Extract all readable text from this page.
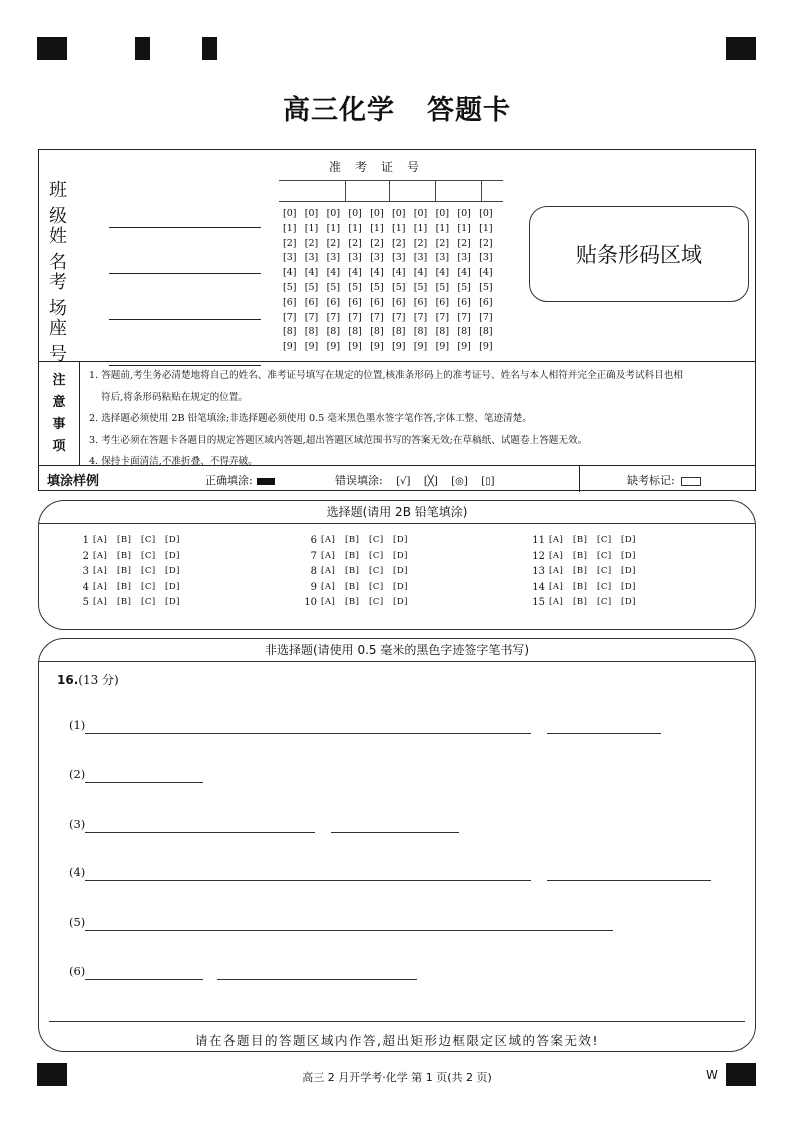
高三化学 答题卡
班级
姓名
考场
座号
准考证号
[0] [0] [0] [0] [0] [0] [0] [0] [0] [0]
[1] [1] [1] [1] [1] [1] [1] [1] [1] [1]
[2] [2] [2] [2] [2] [2] [2] [2] [2] [2]
[3] [3] [3] [3] [3] [3] [3] [3] [3] [3]
[4] [4] [4] [4] [4] [4] [4] [4] [4] [4]
[5] [5] [5] [5] [5] [5] [5] [5] [5] [5]
[6] [6] [6] [6] [6] [6] [6] [6] [6] [6]
[7] [7] [7] [7] [7] [7] [7] [7] [7] [7]
[8] [8] [8] [8] [8] [8] [8] [8] [8] [8]
[9] [9] [9] [9] [9] [9] [9] [9] [9] [9]
贴条形码区域
注
意
事
项
1. 答题前,考生务必清楚地将自己的姓名、准考证号填写在规定的位置,核准条形码上的准考证号、姓名与本人相符并完全正确及考试科目也相
符后,将条形码粘贴在规定的位置。
2. 选择题必须使用 2B 铅笔填涂;非选择题必须使用 0.5 毫米黑色墨水签字笔作答,字体工整、笔迹清楚。
3. 考生必须在答题卡各题目的规定答题区域内答题,超出答题区域范围书写的答案无效;在草稿纸、试题卷上答题无效。
4. 保持卡面清洁,不准折叠、不得弄破。
填涂样例	正确填涂:	错误填涂: [√] [╳] [◎] [▯]	缺考标记:
选择题(请用 2B 铅笔填涂)
1 [A]	[B]	[C]	[D]
2 [A]	[B]	[C]	[D]
3 [A]	[B]	[C]	[D]
4 [A]	[B]	[C]	[D]
5 [A]	[B]	[C]	[D]
6 [A]	[B]	[C]	[D]
7 [A]	[B]	[C]	[D]
8 [A]	[B]	[C]	[D]
9 [A]	[B]	[C]	[D]
10 [A]	[B]	[C]	[D]
11 [A]	[B]	[C]	[D]
12 [A]	[B]	[C]	[D]
13 [A]	[B]	[C]	[D]
14 [A]	[B]	[C]	[D]
15 [A]	[B]	[C]	[D]
非选择题(请使用 0.5 毫米的黑色字迹签字笔书写)
16.(13 分)
(1)
(2)
(3)
(4)
(5)
(6)
请在各题目的答题区域内作答,超出矩形边框限定区域的答案无效!
高三 2 月开学考·化学 第 1 页(共 2 页)	W
